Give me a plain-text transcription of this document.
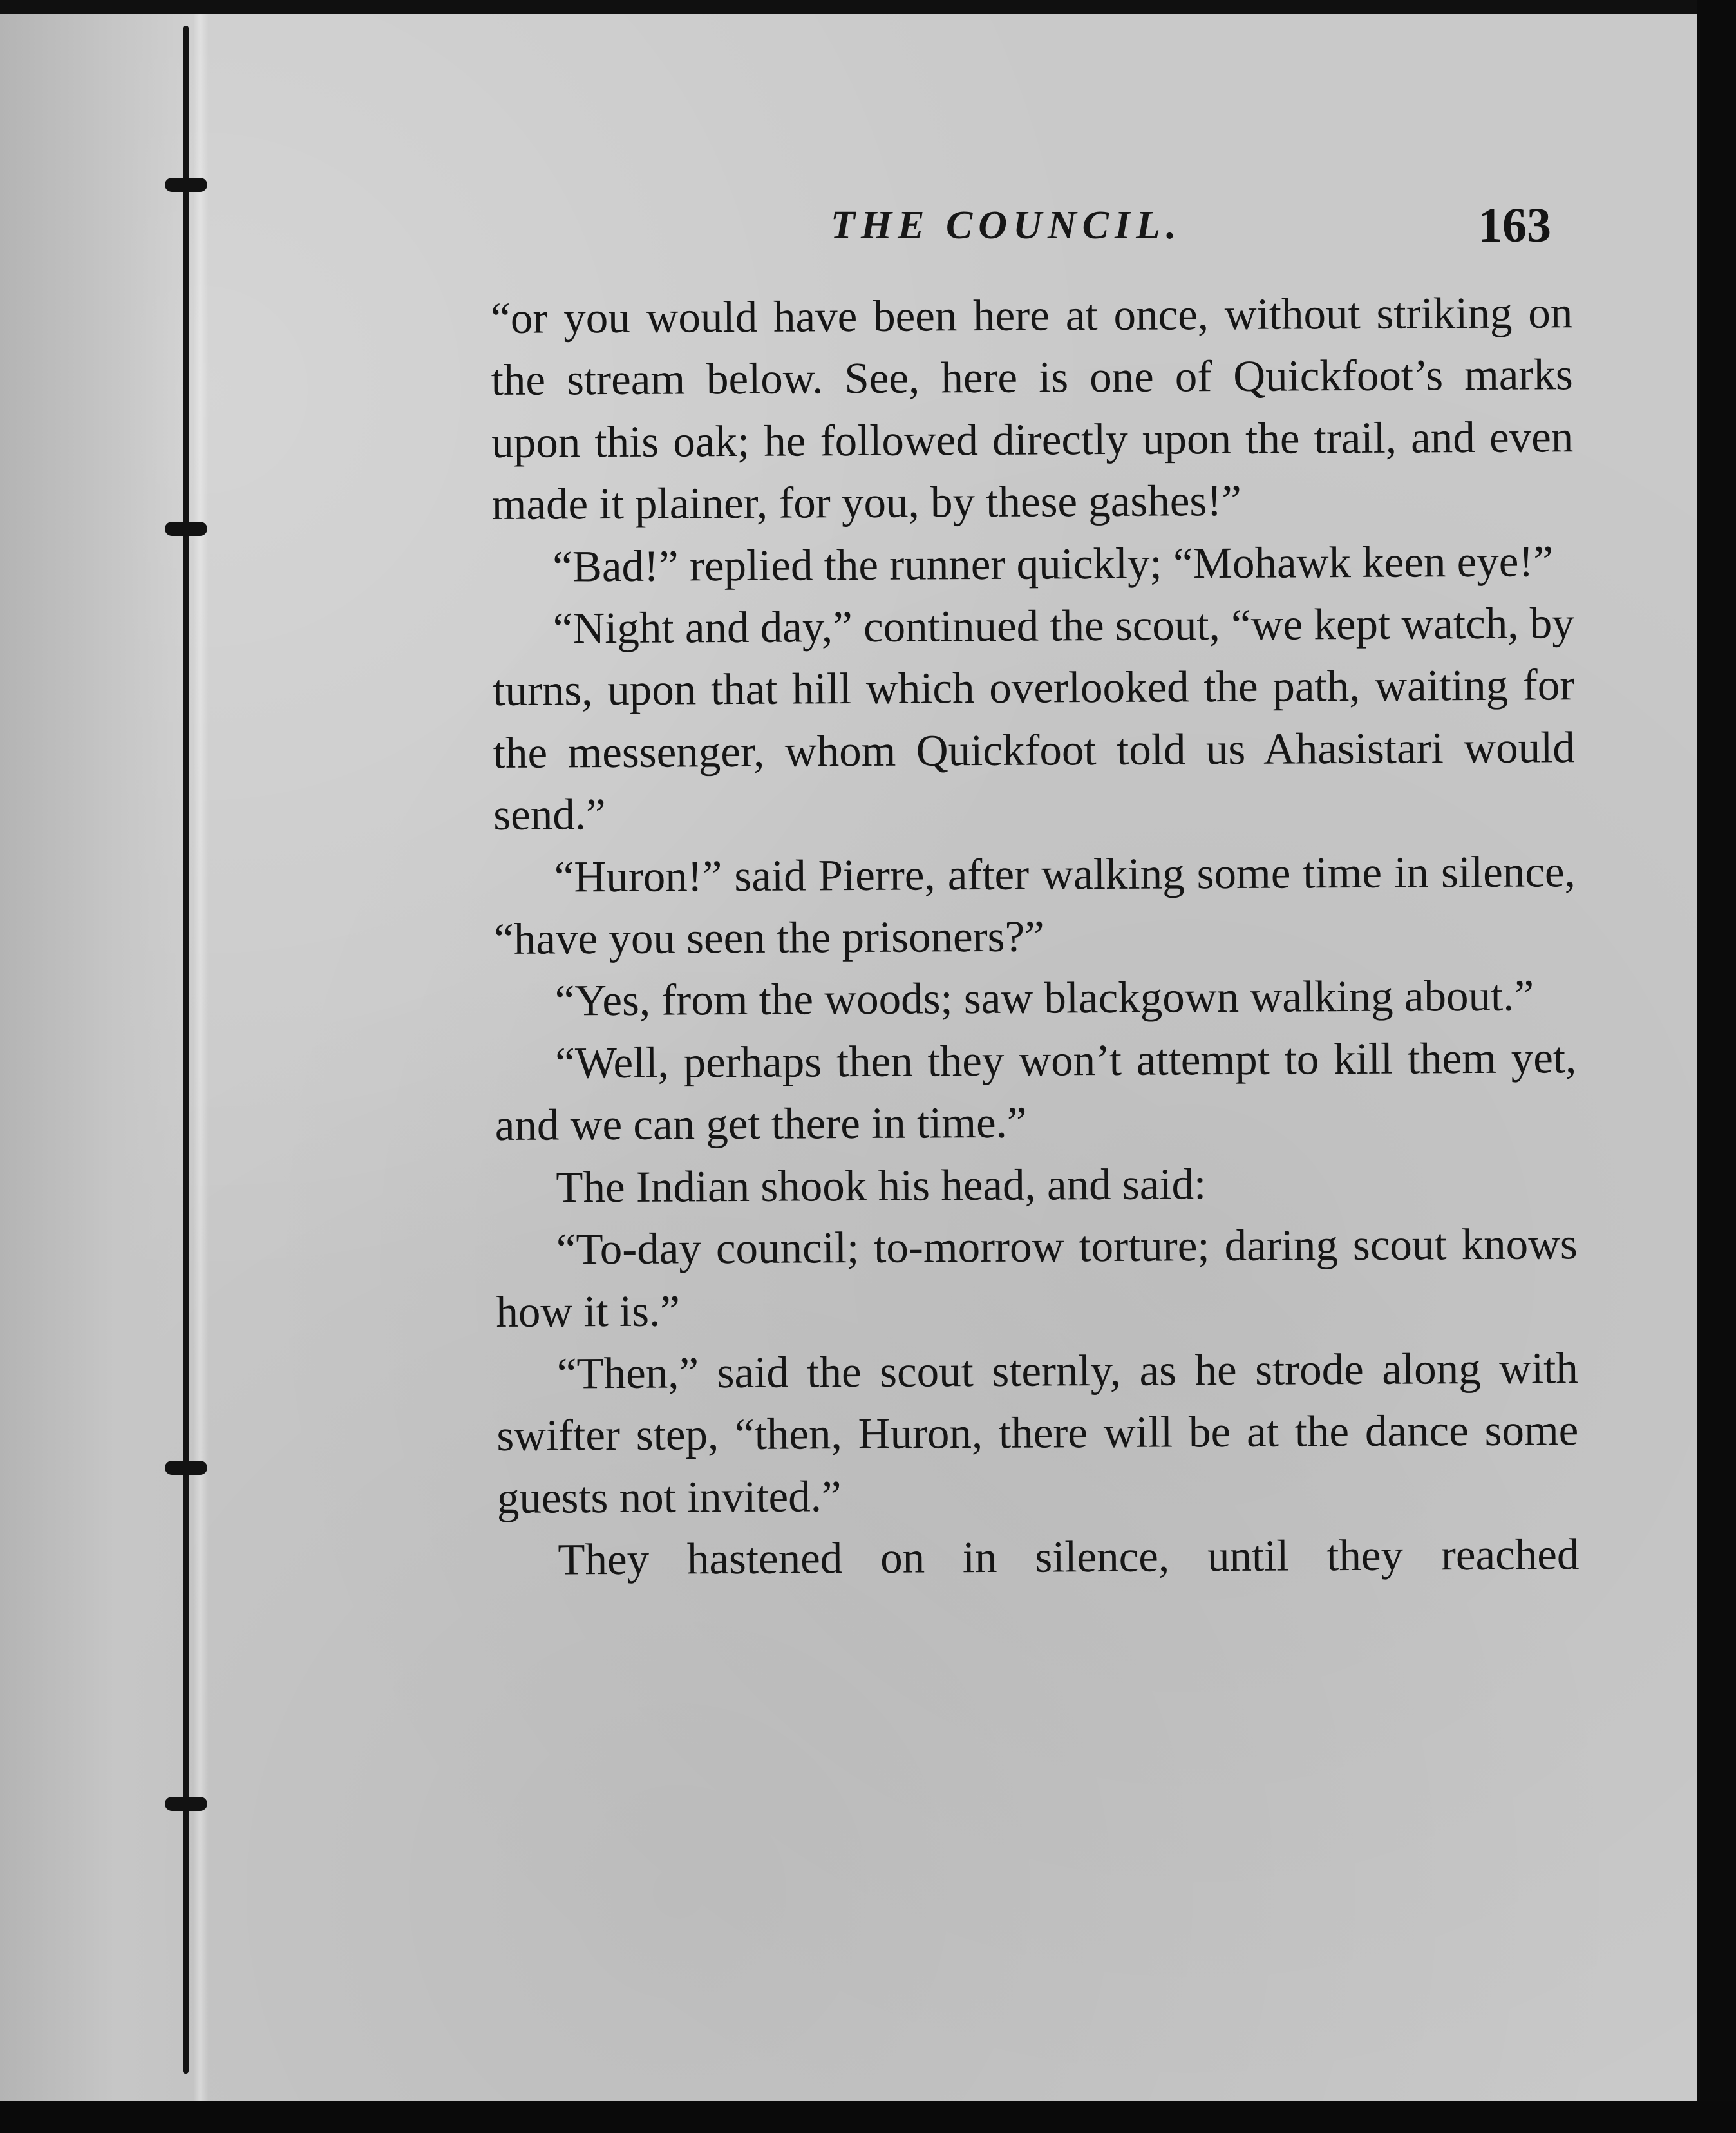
THE COUNCIL.	163

“or you would have been here at once, without striking on the stream below. See, here is one of Quickfoot’s marks upon this oak; he followed directly upon the trail, and even made it plainer, for you, by these gashes!”

“Bad!” replied the runner quickly; “Mohawk keen eye!”

“Night and day,” continued the scout, “we kept watch, by turns, upon that hill which overlooked the path, waiting for the messenger, whom Quickfoot told us Ahasistari would send.”

“Huron!” said Pierre, after walking some time in silence, “have you seen the prisoners?”

“Yes, from the woods; saw blackgown walking about.”

“Well, perhaps then they won’t attempt to kill them yet, and we can get there in time.”

The Indian shook his head, and said:

“To-day council; to-morrow torture; daring scout knows how it is.”

“Then,” said the scout sternly, as he strode along with swifter step, “then, Huron, there will be at the dance some guests not invited.”

They hastened on in silence, until they reached
